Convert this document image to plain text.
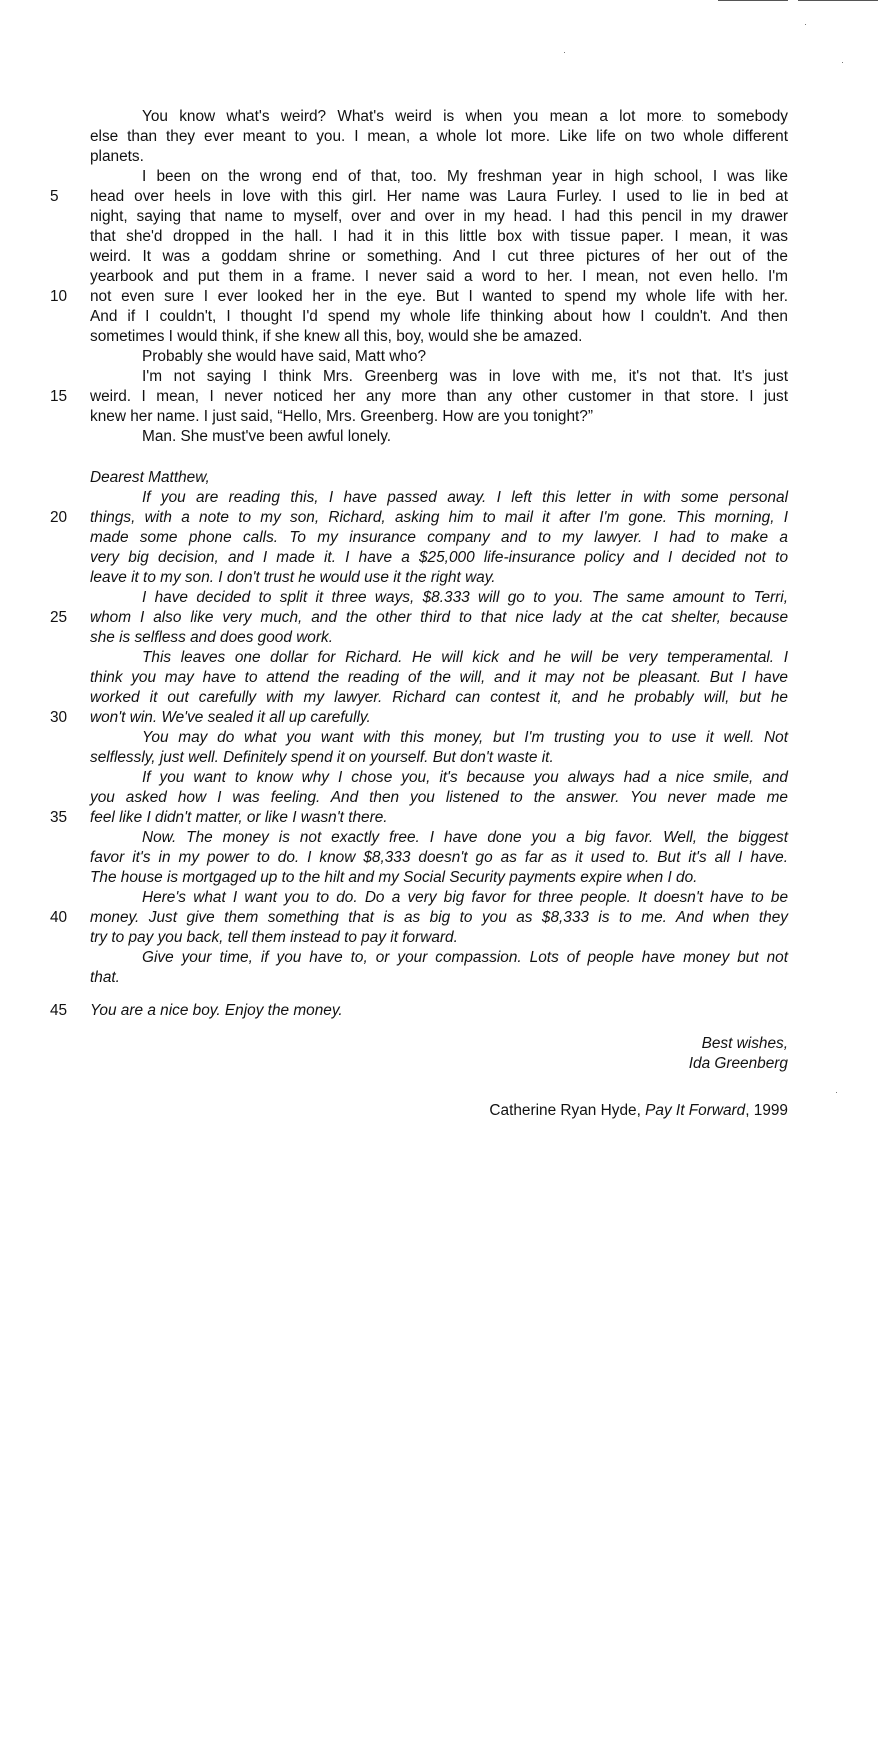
You know what's weird? What's weird is when you mean a lot more to somebody
else than they ever meant to you. I mean, a whole lot more. Like life on two whole different
planets.
I been on the wrong end of that, too. My freshman year in high school, I was like
5	head over heels in love with this girl. Her name was Laura Furley. I used to lie in bed at
night, saying that name to myself, over and over in my head. I had this pencil in my drawer
that she'd dropped in the hall. I had it in this little box with tissue paper. I mean, it was
weird. It was a goddam shrine or something. And I cut three pictures of her out of the
yearbook and put them in a frame. I never said a word to her. I mean, not even hello. I'm
10	not even sure I ever looked her in the eye. But I wanted to spend my whole life with her.
And if I couldn't, I thought I'd spend my whole life thinking about how I couldn't. And then
sometimes I would think, if she knew all this, boy, would she be amazed.
Probably she would have said, Matt who?
I'm not saying I think Mrs. Greenberg was in love with me, it's not that. It's just
15	weird. I mean, I never noticed her any more than any other customer in that store. I just
knew her name. I just said, “Hello, Mrs. Greenberg. How are you tonight?”
Man. She must've been awful lonely.
Dearest Matthew,
If you are reading this, I have passed away. I left this letter in with some personal
20	things, with a note to my son, Richard, asking him to mail it after I'm gone. This morning, I
made some phone calls. To my insurance company and to my lawyer. I had to make a
very big decision, and I made it. I have a $25,000 life-insurance policy and I decided not to
leave it to my son. I don't trust he would use it the right way.
I have decided to split it three ways, $8.333 will go to you. The same amount to Terri,
25	whom I also like very much, and the other third to that nice lady at the cat shelter, because
she is selfless and does good work.
This leaves one dollar for Richard. He will kick and he will be very temperamental. I
think you may have to attend the reading of the will, and it may not be pleasant. But I have
worked it out carefully with my lawyer. Richard can contest it, and he probably will, but he
30	won't win. We've sealed it all up carefully.
You may do what you want with this money, but I'm trusting you to use it well. Not
selflessly, just well. Definitely spend it on yourself. But don't waste it.
If you want to know why I chose you, it's because you always had a nice smile, and
you asked how I was feeling. And then you listened to the answer. You never made me
35	feel like I didn't matter, or like I wasn't there.
Now. The money is not exactly free. I have done you a big favor. Well, the biggest
favor it's in my power to do. I know $8,333 doesn't go as far as it used to. But it's all I have.
The house is mortgaged up to the hilt and my Social Security payments expire when I do.
Here's what I want you to do. Do a very big favor for three people. It doesn't have to be
40	money. Just give them something that is as big to you as $8,333 is to me. And when they
try to pay you back, tell them instead to pay it forward.
Give your time, if you have to, or your compassion. Lots of people have money but not
that.
45	You are a nice boy. Enjoy the money.
Best wishes,
Ida Greenberg
Catherine Ryan Hyde, Pay It Forward, 1999
